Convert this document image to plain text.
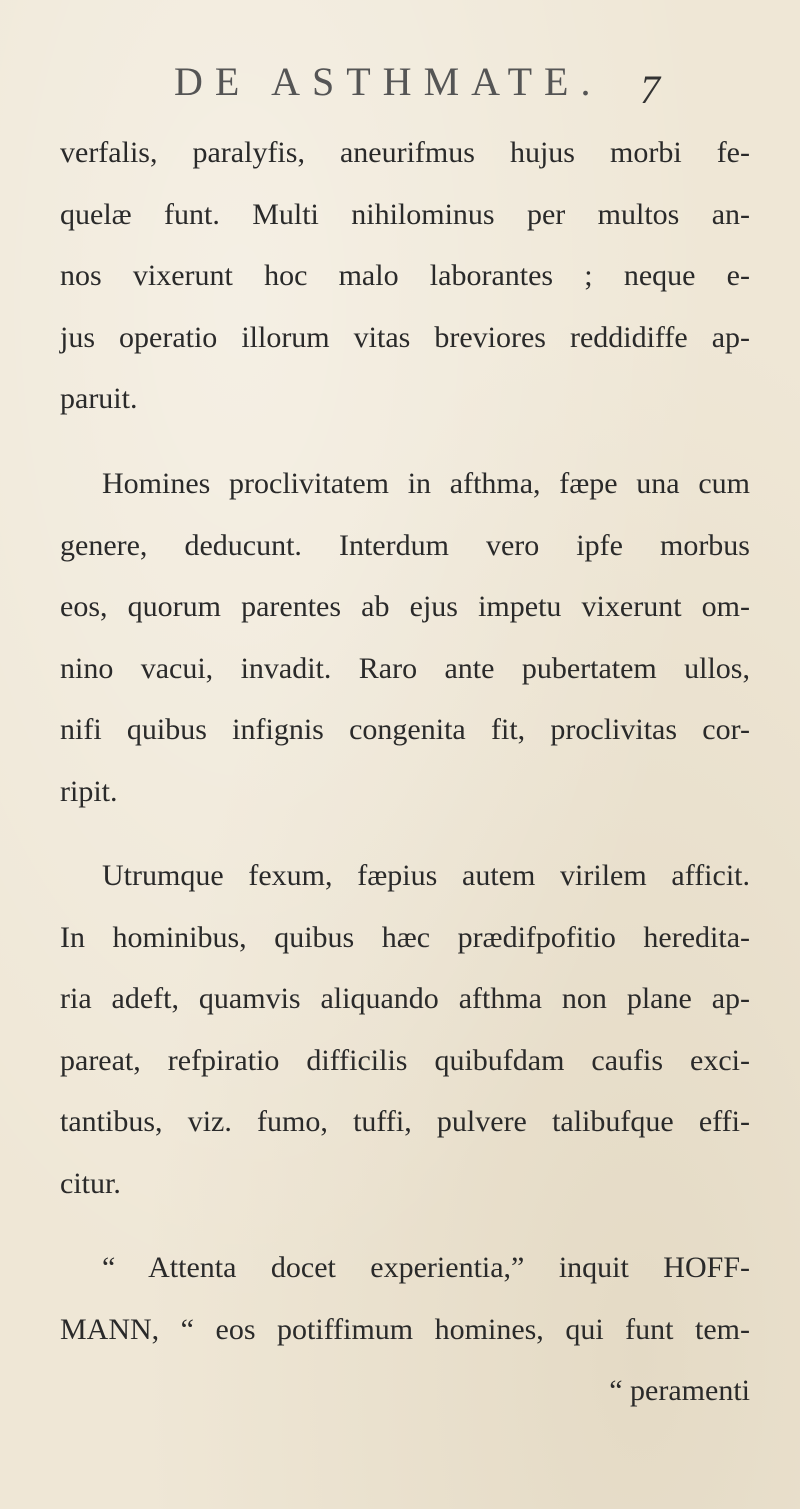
DE ASTHMATE. 7
verfalis, paralyfis, aneurifmus hujus morbi fe-
quelæ funt. Multi nihilominus per multos an-
nos vixerunt hoc malo laborantes ; neque e-
jus operatio illorum vitas breviores reddidiffe ap-
paruit.
Homines proclivitatem in afthma, fæpe una cum
genere, deducunt. Interdum vero ipfe morbus
eos, quorum parentes ab ejus impetu vixerunt om-
nino vacui, invadit. Raro ante pubertatem ullos,
nifi quibus infignis congenita fit, proclivitas cor-
ripit.
Utrumque fexum, fæpius autem virilem afficit.
In hominibus, quibus hæc prædifpofitio heredita-
ria adeft, quamvis aliquando afthma non plane ap-
pareat, refpiratio difficilis quibufdam caufis exci-
tantibus, viz. fumo, tuffi, pulvere talibufque effi-
citur.
“ Attenta docet experientia,” inquit HOFF-
MANN, “ eos potiffimum homines, qui funt tem-
“ peramenti
